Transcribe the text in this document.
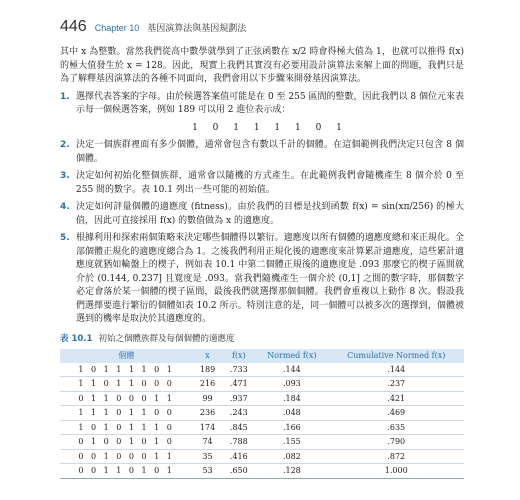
446 Chapter 10 基因演算法與基因規劃法

其中 x 為整數。當然我們從高中數學就學到了正弦函數在 x/2 時會得極大值為 1，也就可以推得 f(x) 的極大值發生於 x = 128。因此，現實上我們其實沒有必要用設計演算法來解上面的問題，我們只是為了解釋基因演算法的各種不同面向，我們會用以下步驟來開發基因演算法。

1. 選擇代表答案的字母。由於候選答案值可能是在 0 至 255 區間的整數，因此我們以 8 個位元來表示每一個候選答案，例如 189 可以用 2 進位表示成：
1 0 1 1 1 1 0 1
2. 決定一個族群裡面有多少個體，通常會包含有數以千計的個體。在這個範例我們決定只包含 8 個個體。
3. 決定如何初始化整個族群，通常會以隨機的方式產生。在此範例我們會隨機產生 8 個介於 0 至 255 間的數字。表 10.1 列出一些可能的初始值。
4. 決定如何評量個體的適應度 (fitness)。由於我們的目標是找到函數 f(x) = sin(xπ/256) 的極大值，因此可直接採用 f(x) 的數值做為 x 的適應度。
5. 根據利用和探索兩個策略來決定哪些個體得以繁衍。適應度以所有個體的適應度總和來正規化。全部個體正規化的適應度總合為 1。之後我們利用正規化後的適應度來計算累計適應度，這些累計適應度就猶如輪盤上的楔子，例如表 10.1 中第二個體正規後的適應度是 .093 那麼它的楔子區間就介於 (0.144, 0.237] 且寬度是 .093。當我們隨機產生一個介於 (0,1] 之間的數字時，那個數字必定會落於某一個體的楔子區間，最後我們就選擇那個個體。我們會重複以上動作 8 次。假設我們選擇要進行繁衍的個體如表 10.2 所示。特別注意的是，同一個體可以被多次的選擇到，個體被選到的機率是取決於其適應度的。
表 10.1 初始之個體族群及每個個體的適應度
個體	x	f(x)	Normed f(x)	Cumulative Normed f(x)
1 0 1 1 1 1 0 1	189	.733	.144	.144
1 1 0 1 1 0 0 0	216	.471	.093	.237
0 1 1 0 0 0 1 1	99	.937	.184	.421
1 1 1 0 1 1 0 0	236	.243	.048	.469
1 0 1 0 1 1 1 0	174	.845	.166	.635
0 1 0 0 1 0 1 0	74	.788	.155	.790
0 0 1 0 0 0 1 1	35	.416	.082	.872
0 0 1 1 0 1 0 1	53	.650	.128	1.000
